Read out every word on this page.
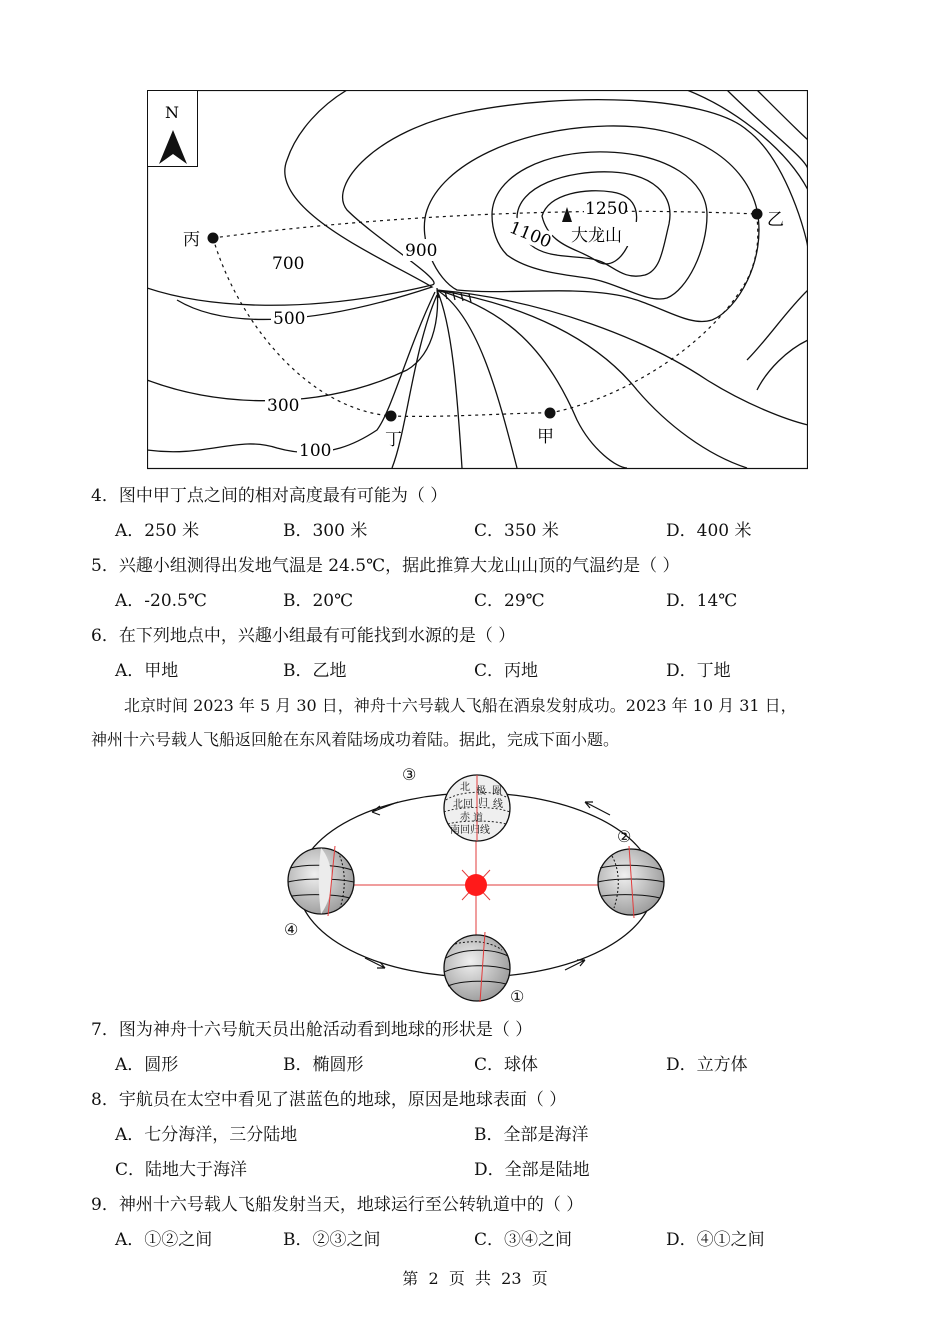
N
1250
1100
900
700
500
300
100
大龙山
丙
乙
丁	甲
4．图中甲丁点之间的相对高度最有可能为（ ）
A．250 米	B．300 米	C．350 米	D．400 米
5．兴趣小组测得出发地气温是 24.5℃，据此推算大龙山山顶的气温约是（ ）
A．-20.5℃	B．20℃	C．29℃	D．14℃
6．在下列地点中，兴趣小组最有可能找到水源的是（ ）
A．甲地	B．乙地	C．丙地	D．丁地
北京时间 2023 年 5 月 30 日，神舟十六号载人飞船在酒泉发射成功。2023 年 10 月 31 日，
神州十六号载人飞船返回舱在东风着陆场成功着陆。据此，完成下面小题。
北 极 圈
北回 归 线
赤 道
南回归线
③
②
①
④
7．图为神舟十六号航天员出舱活动看到地球的形状是（ ）
A．圆形	B．椭圆形	C．球体	D．立方体
8．宇航员在太空中看见了湛蓝色的地球，原因是地球表面（ ）
A．七分海洋，三分陆地	B．全部是海洋
C．陆地大于海洋	D．全部是陆地
9．神州十六号载人飞船发射当天，地球运行至公转轨道中的（ ）
A．①②之间	B．②③之间	C．③④之间	D．④①之间
第  2  页  共  23  页
